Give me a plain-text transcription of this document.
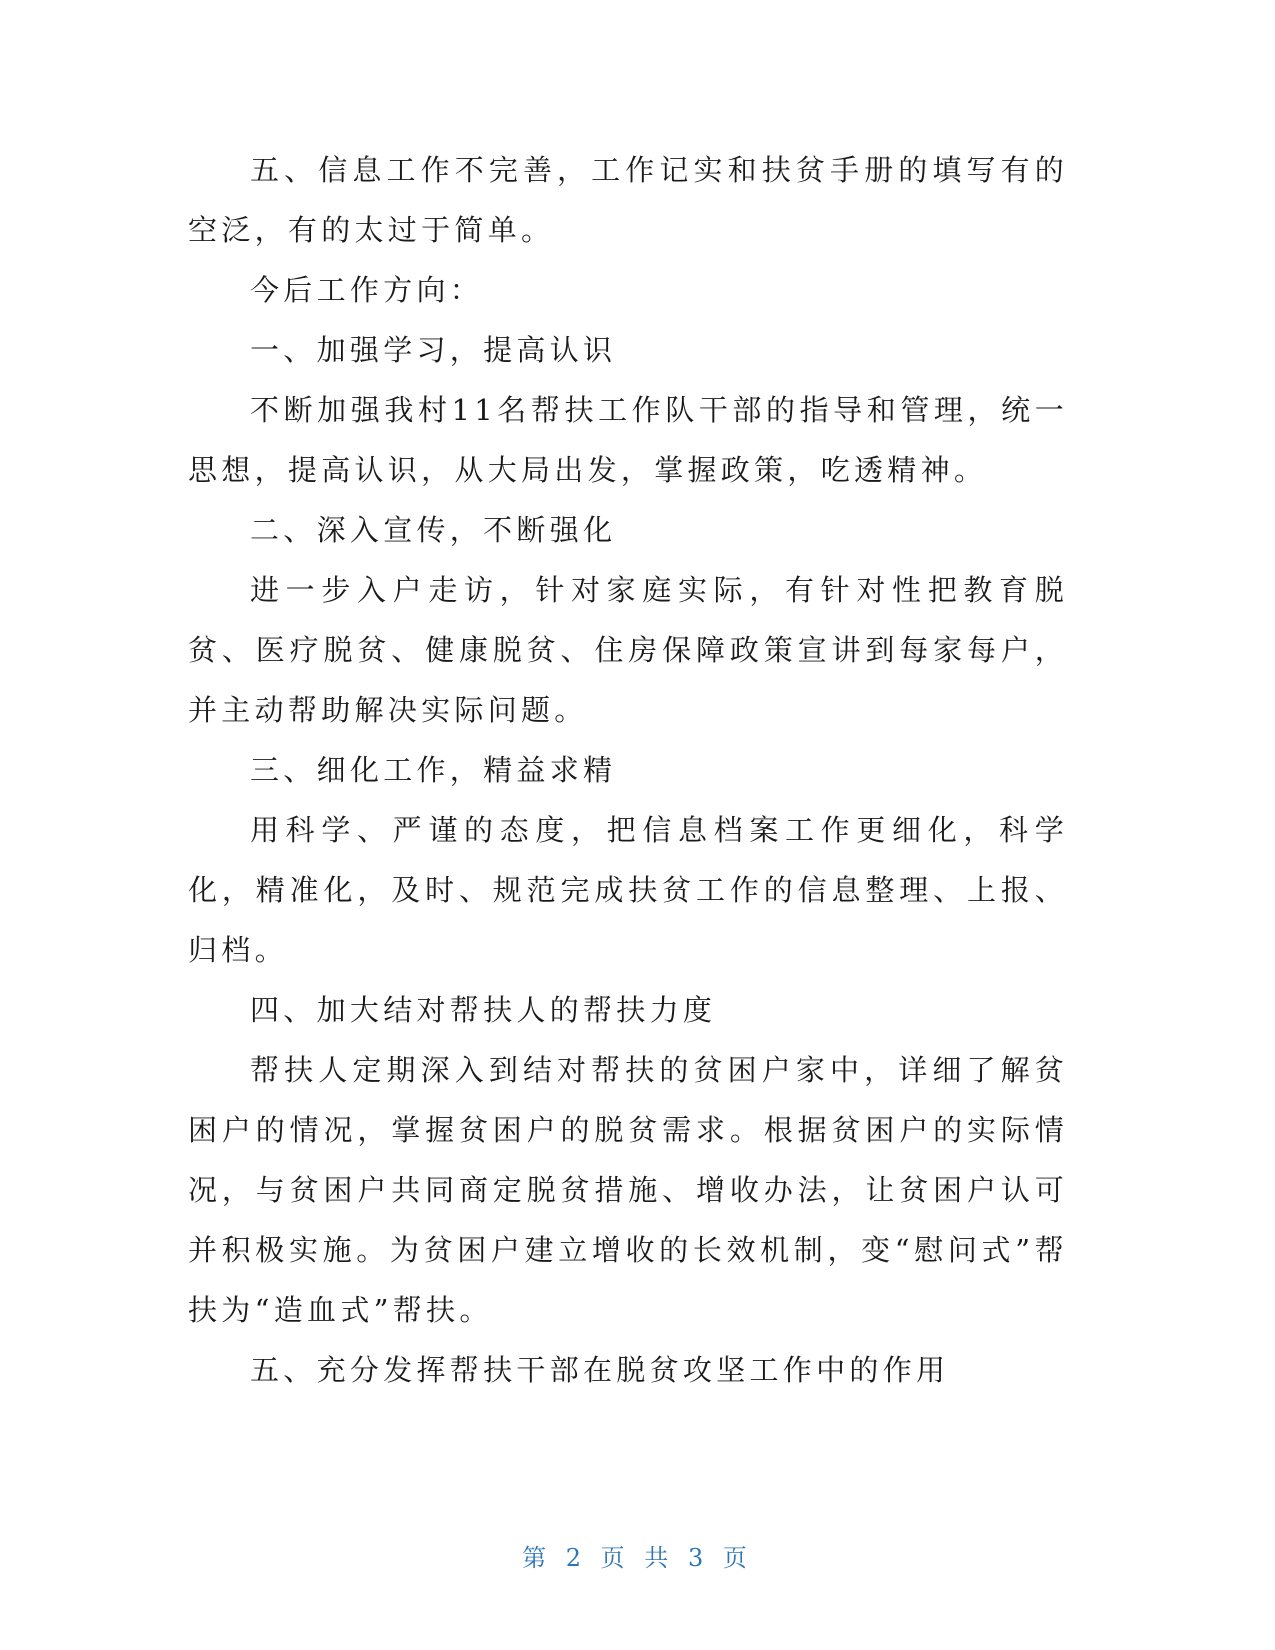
五、信息工作不完善，工作记实和扶贫手册的填写有的空泛，有的太过于简单。

今后工作方向：

一、加强学习，提高认识

不断加强我村11名帮扶工作队干部的指导和管理，统一思想，提高认识，从大局出发，掌握政策，吃透精神。

二、深入宣传，不断强化

进一步入户走访，针对家庭实际，有针对性把教育脱贫、医疗脱贫、健康脱贫、住房保障政策宣讲到每家每户，并主动帮助解决实际问题。

三、细化工作，精益求精

用科学、严谨的态度，把信息档案工作更细化，科学化，精准化，及时、规范完成扶贫工作的信息整理、上报、归档。

四、加大结对帮扶人的帮扶力度

帮扶人定期深入到结对帮扶的贫困户家中，详细了解贫困户的情况，掌握贫困户的脱贫需求。根据贫困户的实际情况，与贫困户共同商定脱贫措施、增收办法，让贫困户认可并积极实施。为贫困户建立增收的长效机制，变“慰问式”帮扶为“造血式”帮扶。

五、充分发挥帮扶干部在脱贫攻坚工作中的作用

第 2 页 共 3 页
